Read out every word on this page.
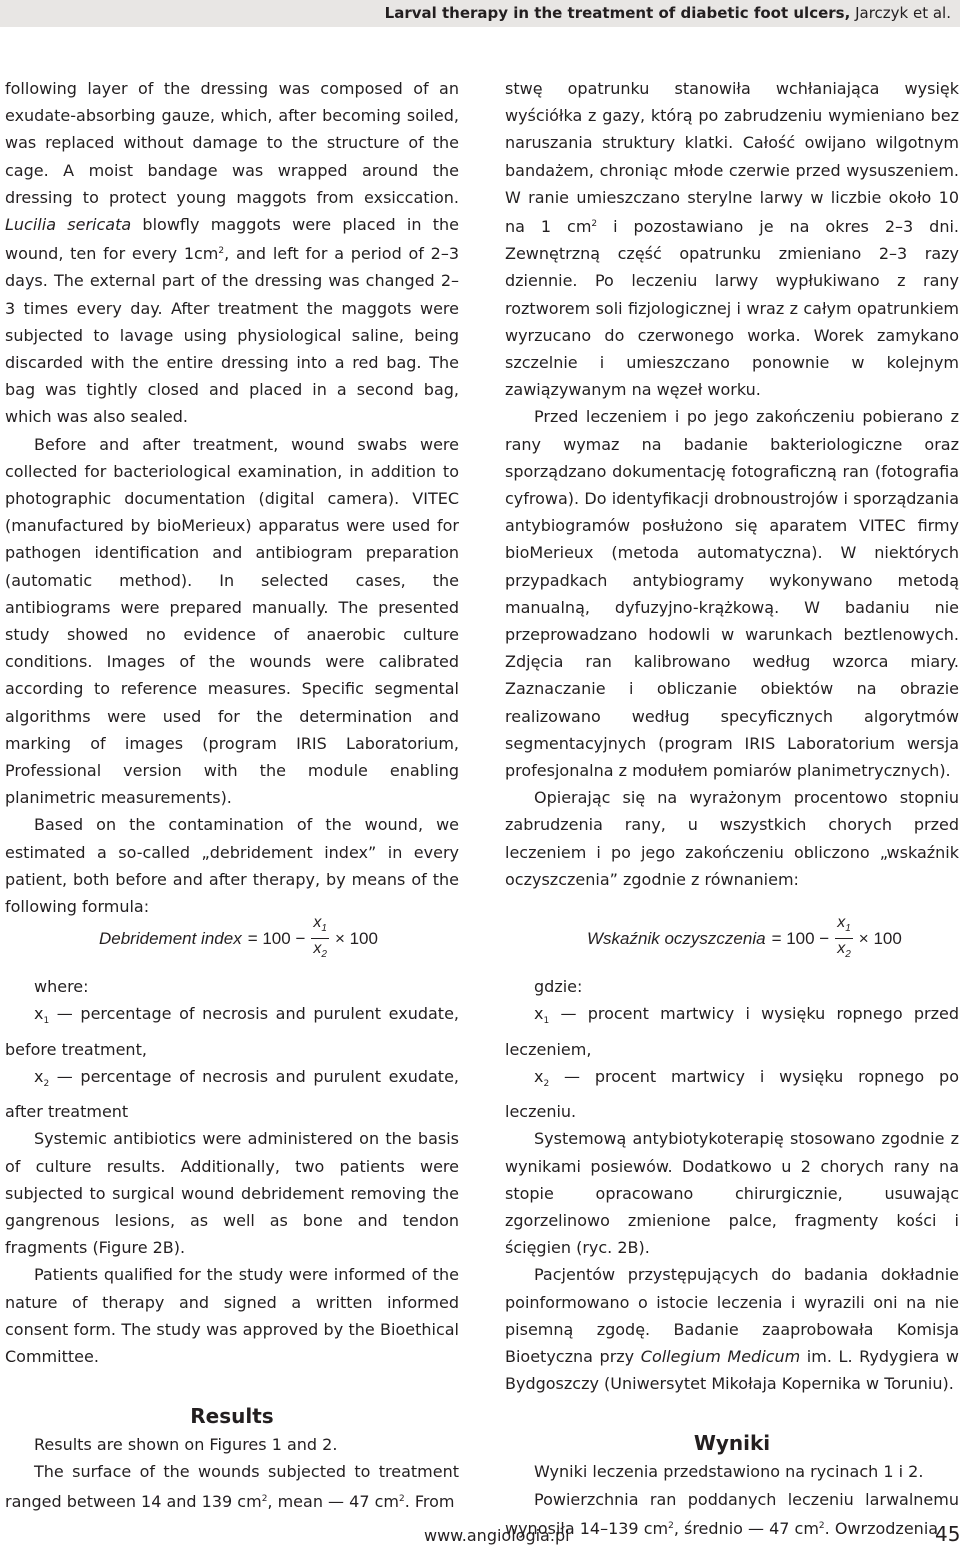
Larval therapy in the treatment of diabetic foot ulcers, Jarczyk et al.

following layer of the dressing was composed of an exudate-absorbing gauze, which, after becoming soiled, was replaced without damage to the structure of the cage. A moist bandage was wrapped around the dressing to protect young maggots from exsiccation. Lucilia sericata blowfly maggots were placed in the wound, ten for every $1cm^2$, and left for a period of 2–3 days. The external part of the dressing was changed 2–3 times every day. After treatment the maggots were subjected to lavage using physiological saline, being discarded with the entire dressing into a red bag. The bag was tightly closed and placed in a second bag, which was also sealed.

Before and after treatment, wound swabs were collected for bacteriological examination, in addition to photographic documentation (digital camera). VITEC (manufactured by bioMerieux) apparatus were used for pathogen identification and antibiogram preparation (automatic method). In selected cases, the antibiograms were prepared manually. The presented study showed no evidence of anaerobic culture conditions. Images of the wounds were calibrated according to reference measures. Specific segmental algorithms were used for the determination and marking of images (program IRIS Laboratorium, Professional version with the module enabling planimetric measurements).

Based on the contamination of the wound, we estimated a so-called „debridement index” in every patient, both before and after therapy, by means of the following formula:

Debridement index = $100 - \frac{x_1}{x_2} \times 100$

where:

$x_1$ — percentage of necrosis and purulent exudate, before treatment,

$x_2$ — percentage of necrosis and purulent exudate, after treatment

Systemic antibiotics were administered on the basis of culture results. Additionally, two patients were subjected to surgical wound debridement removing the gangrenous lesions, as well as bone and tendon fragments (Figure 2B).

Patients qualified for the study were informed of the nature of therapy and signed a written informed consent form. The study was approved by the Bioethical Committee.

Results

Results are shown on Figures 1 and 2.

The surface of the wounds subjected to treatment ranged between 14 and 139 $cm^2$, mean — 47 $cm^2$. From

stwę opatrunku stanowiła wchłaniająca wysięk wyściółka z gazy, którą po zabrudzeniu wymieniano bez naruszania struktury klatki. Całość owijano wilgotnym bandażem, chroniąc młode czerwie przed wysuszeniem. W ranie umieszczano sterylne larwy w liczbie około 10 na 1 $cm^2$ i pozostawiano je na okres 2–3 dni. Zewnętrzną część opatrunku zmieniano 2–3 razy dziennie. Po leczeniu larwy wypłukiwano z rany roztworem soli fizjologicznej i wraz z całym opatrunkiem wyrzucano do czerwonego worka. Worek zamykano szczelnie i umieszczano ponownie w kolejnym zawiązywanym na węzeł worku.

Przed leczeniem i po jego zakończeniu pobierano z rany wymaz na badanie bakteriologiczne oraz sporządzano dokumentację fotograficzną ran (fotografia cyfrowa). Do identyfikacji drobnoustrojów i sporządzania antybiogramów posłużono się aparatem VITEC firmy bioMerieux (metoda automatyczna). W niektórych przypadkach antybiogramy wykonywano metodą manualną, dyfuzyjno-krążkową. W badaniu nie przeprowadzano hodowli w warunkach beztlenowych. Zdjęcia ran kalibrowano według wzorca miary. Zaznaczanie i obliczanie obiektów na obrazie realizowano według specyficznych algorytmów segmentacyjnych (program IRIS Laboratorium wersja profesjonalna z modułem pomiarów planimetrycznych).

Opierając się na wyrażonym procentowo stopniu zabrudzenia rany, u wszystkich chorych przed leczeniem i po jego zakończeniu obliczono „wskaźnik oczyszczenia” zgodnie z równaniem:

Wskaźnik oczyszczenia = $100 - \frac{x_1}{x_2} \times 100$

gdzie:

$x_1$ — procent martwicy i wysięku ropnego przed leczeniem,

$x_2$ — procent martwicy i wysięku ropnego po leczeniu.

Systemową antybiotykoterapię stosowano zgodnie z wynikami posiewów. Dodatkowo u 2 chorych rany na stopie opracowano chirurgicznie, usuwając zgorzelinowo zmienione palce, fragmenty kości i ścięgien (ryc. 2B).

Pacjentów przystępujących do badania dokładnie poinformowano o istocie leczenia i wyrazili oni na nie pisemną zgodę. Badanie zaaprobowała Komisja Bioetyczna przy Collegium Medicum im. L. Rydygiera w Bydgoszczy (Uniwersytet Mikołaja Kopernika w Toruniu).

Wyniki

Wyniki leczenia przedstawiono na rycinach 1 i 2.

Powierzchnia ran poddanych leczeniu larwalnemu wynosiła 14–139 $cm^2$, średnio — 47 $cm^2$. Owrzodzenia

www.angiologia.pl	45
